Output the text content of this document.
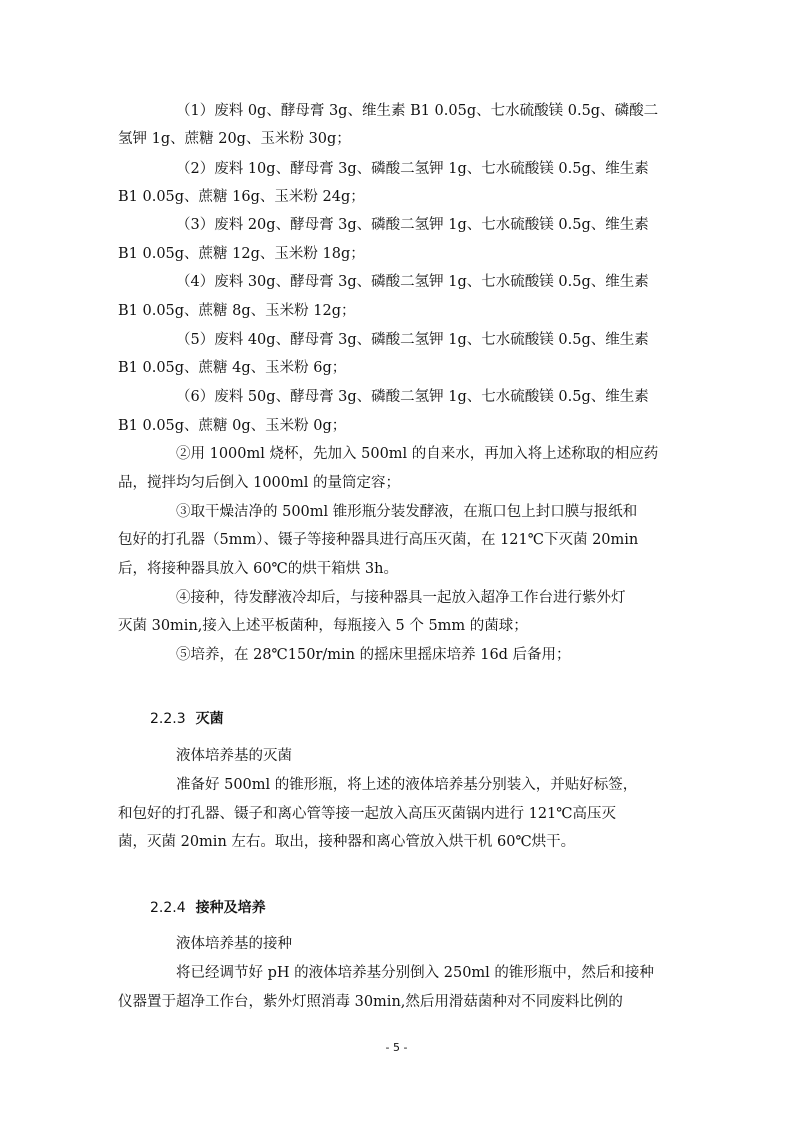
（1）废料 0g、酵母膏 3g、维生素 B1 0.05g、七水硫酸镁 0.5g、磷酸二
氢钾 1g、蔗糖 20g、玉米粉 30g；
（2）废料 10g、酵母膏 3g、磷酸二氢钾 1g、七水硫酸镁 0.5g、维生素
B1 0.05g、蔗糖 16g、玉米粉 24g；
（3）废料 20g、酵母膏 3g、磷酸二氢钾 1g、七水硫酸镁 0.5g、维生素
B1 0.05g、蔗糖 12g、玉米粉 18g；
（4）废料 30g、酵母膏 3g、磷酸二氢钾 1g、七水硫酸镁 0.5g、维生素
B1 0.05g、蔗糖 8g、玉米粉 12g；
（5）废料 40g、酵母膏 3g、磷酸二氢钾 1g、七水硫酸镁 0.5g、维生素
B1 0.05g、蔗糖 4g、玉米粉 6g；
（6）废料 50g、酵母膏 3g、磷酸二氢钾 1g、七水硫酸镁 0.5g、维生素
B1 0.05g、蔗糖 0g、玉米粉 0g；
②用 1000ml 烧杯，先加入 500ml 的自来水，再加入将上述称取的相应药
品，搅拌均匀后倒入 1000ml 的量筒定容；
③取干燥洁净的 500ml 锥形瓶分装发酵液，在瓶口包上封口膜与报纸和
包好的打孔器（5mm）、镊子等接种器具进行高压灭菌，在 121℃下灭菌 20min
后，将接种器具放入 60℃的烘干箱烘 3h。
④接种，待发酵液冷却后，与接种器具一起放入超净工作台进行紫外灯
灭菌 30min,接入上述平板菌种，每瓶接入 5 个 5mm 的菌球；
⑤培养，在 28℃150r/min 的摇床里摇床培养 16d 后备用；
2.2.3 灭菌
液体培养基的灭菌
准备好 500ml 的锥形瓶，将上述的液体培养基分别装入，并贴好标签，
和包好的打孔器、镊子和离心管等接一起放入高压灭菌锅内进行 121℃高压灭
菌，灭菌 20min 左右。取出，接种器和离心管放入烘干机 60℃烘干。
2.2.4 接种及培养
液体培养基的接种
将已经调节好 pH 的液体培养基分别倒入 250ml 的锥形瓶中，然后和接种
仪器置于超净工作台，紫外灯照消毒 30min,然后用滑菇菌种对不同废料比例的
- 5 -
